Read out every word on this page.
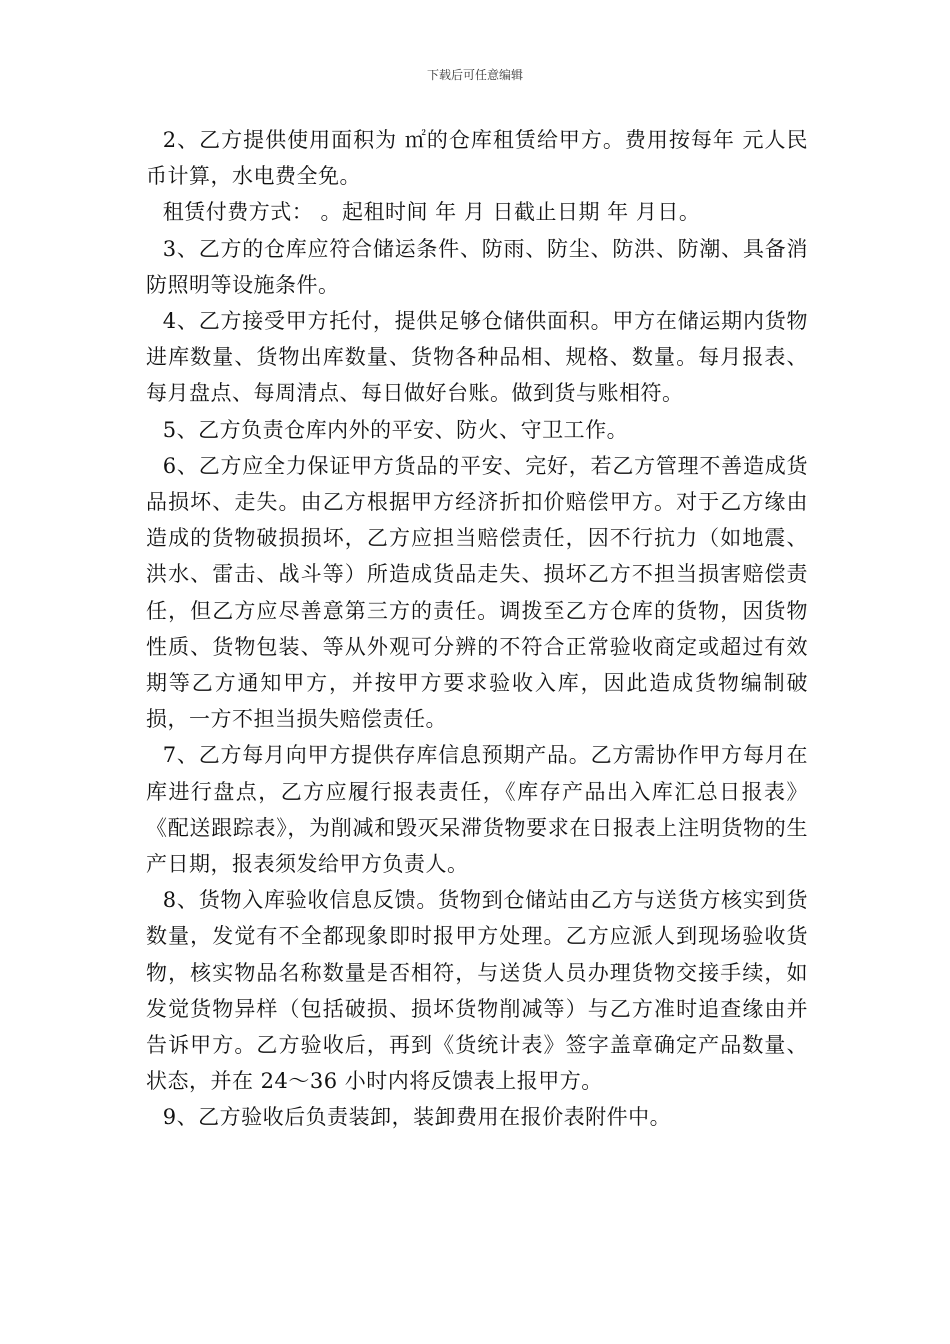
下载后可任意编辑

2、乙方提供使用面积为 ㎡的仓库租赁给甲方。费用按每年 元人民币计算，水电费全免。

租赁付费方式： 。起租时间 年 月 日截止日期 年 月日。

3、乙方的仓库应符合储运条件、防雨、防尘、防洪、防潮、具备消防照明等设施条件。

4、乙方接受甲方托付，提供足够仓储供面积。甲方在储运期内货物进库数量、货物出库数量、货物各种品相、规格、数量。每月报表、每月盘点、每周清点、每日做好台账。做到货与账相符。

5、乙方负责仓库内外的平安、防火、守卫工作。

6、乙方应全力保证甲方货品的平安、完好，若乙方管理不善造成货品损坏、走失。由乙方根据甲方经济折扣价赔偿甲方。对于乙方缘由造成的货物破损损坏，乙方应担当赔偿责任，因不行抗力（如地震、洪水、雷击、战斗等）所造成货品走失、损坏乙方不担当损害赔偿责任，但乙方应尽善意第三方的责任。调拨至乙方仓库的货物，因货物性质、货物包装、等从外观可分辨的不符合正常验收商定或超过有效期等乙方通知甲方，并按甲方要求验收入库，因此造成货物编制破损，一方不担当损失赔偿责任。

7、乙方每月向甲方提供存库信息预期产品。乙方需协作甲方每月在库进行盘点，乙方应履行报表责任，《库存产品出入库汇总日报表》《配送跟踪表》，为削减和毁灭呆滞货物要求在日报表上注明货物的生产日期，报表须发给甲方负责人。

8、货物入库验收信息反馈。货物到仓储站由乙方与送货方核实到货数量，发觉有不全都现象即时报甲方处理。乙方应派人到现场验收货物，核实物品名称数量是否相符，与送货人员办理货物交接手续，如发觉货物异样（包括破损、损坏货物削减等）与乙方准时追查缘由并告诉甲方。乙方验收后，再到《货统计表》签字盖章确定产品数量、状态，并在 24～36 小时内将反馈表上报甲方。

9、乙方验收后负责装卸，装卸费用在报价表附件中。
